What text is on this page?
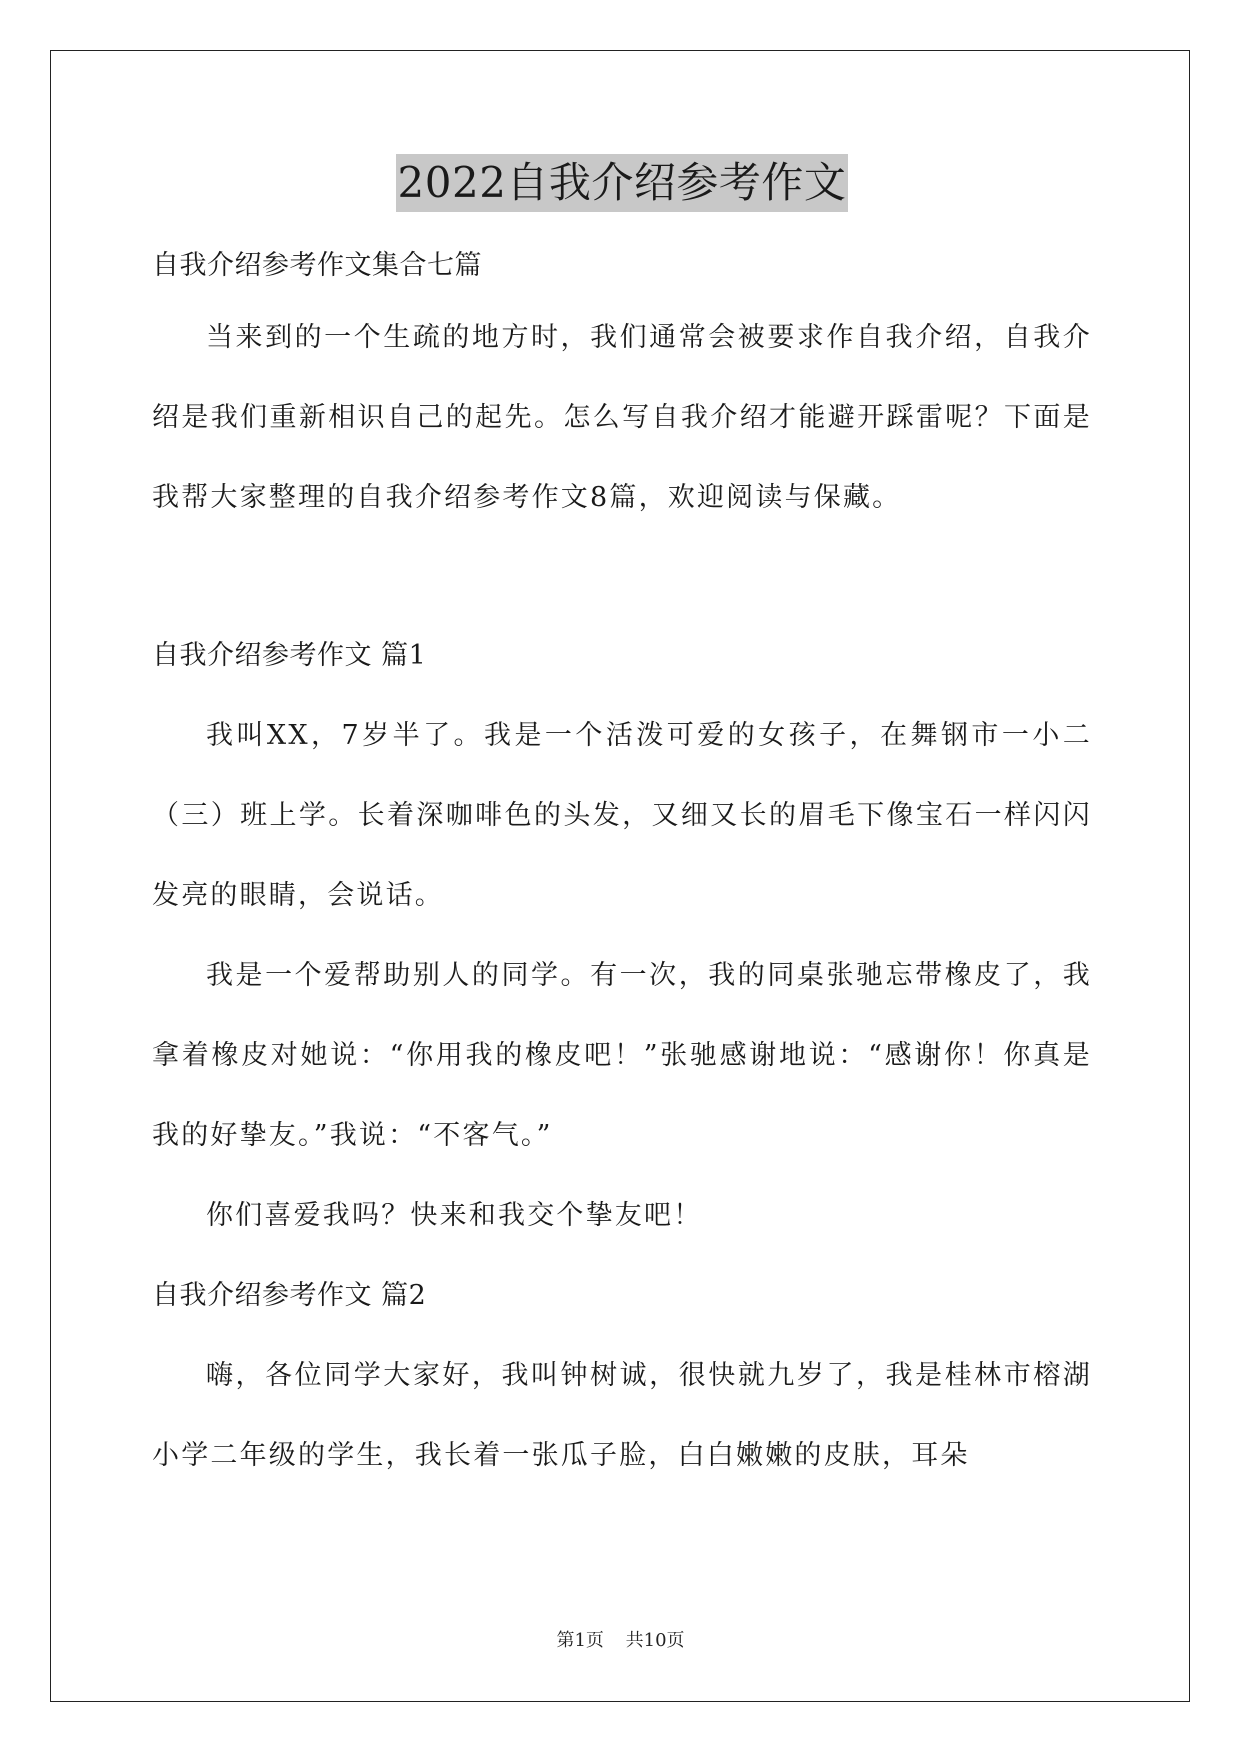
2022自我介绍参考作文
自我介绍参考作文集合七篇

当来到的一个生疏的地方时，我们通常会被要求作自我介绍，自我介绍是我们重新相识自己的起先。怎么写自我介绍才能避开踩雷呢？下面是我帮大家整理的自我介绍参考作文8篇，欢迎阅读与保藏。

自我介绍参考作文 篇1

我叫XX，7岁半了。我是一个活泼可爱的女孩子，在舞钢市一小二（三）班上学。长着深咖啡色的头发，又细又长的眉毛下像宝石一样闪闪发亮的眼睛，会说话。

我是一个爱帮助别人的同学。有一次，我的同桌张驰忘带橡皮了，我拿着橡皮对她说：“你用我的橡皮吧！”张驰感谢地说：“感谢你！你真是我的好挚友。”我说：“不客气。”

你们喜爱我吗？快来和我交个挚友吧！

自我介绍参考作文 篇2

嗨，各位同学大家好，我叫钟树诚，很快就九岁了，我是桂林市榕湖小学二年级的学生，我长着一张瓜子脸，白白嫩嫩的皮肤，耳朵

第1页 共10页
